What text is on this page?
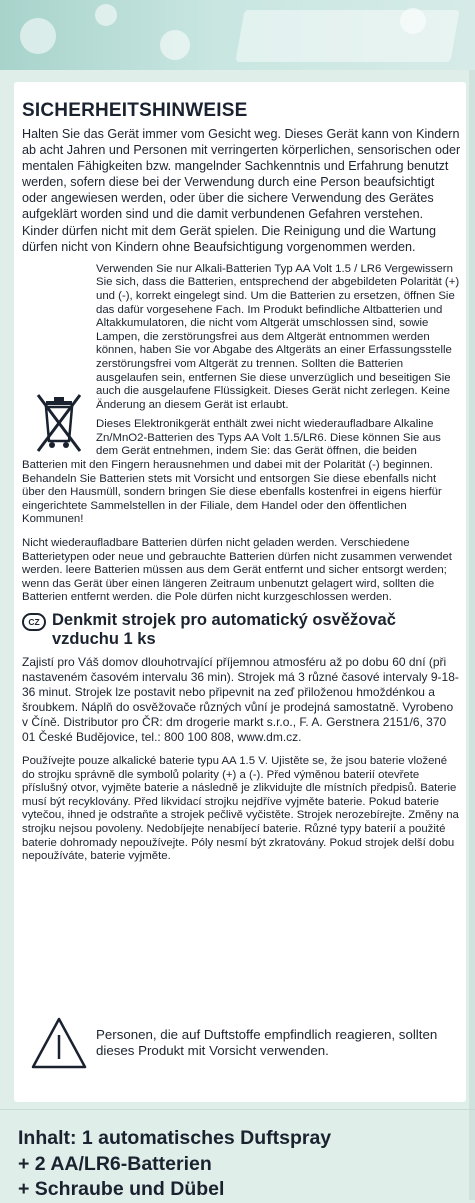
SICHERHEITSHINWEISE

Halten Sie das Gerät immer vom Gesicht weg. Dieses Gerät kann von Kindern ab acht Jahren und Personen mit verringerten körperlichen, sensorischen oder mentalen Fähigkeiten bzw. mangelnder Sachkenntnis und Erfahrung benutzt werden, sofern diese bei der Verwendung durch eine Person beaufsichtigt oder angewiesen werden, oder über die sichere Verwendung des Gerätes aufgeklärt worden sind und die damit verbundenen Gefahren verstehen. Kinder dürfen nicht mit dem Gerät spielen. Die Reinigung und die Wartung dürfen nicht von Kindern ohne Beaufsichtigung vorgenommen werden.

Verwenden Sie nur Alkali-Batterien Typ AA Volt 1.5 / LR6 Vergewissern Sie sich, dass die Batterien, entsprechend der abgebildeten Polarität (+) und (-), korrekt eingelegt sind. Um die Batterien zu ersetzen, öffnen Sie das dafür vorgesehene Fach. Im Produkt befindliche Altbatterien und Altakkumulatoren, die nicht vom Altgerät umschlossen sind, sowie Lampen, die zerstörungsfrei aus dem Altgerät entnommen werden können, haben Sie vor Abgabe des Altgeräts an einer Erfassungsstelle zerstörungsfrei vom Altgerät zu trennen. Sollten die Batterien ausgelaufen sein, entfernen Sie diese unverzüglich und beseitigen Sie auch die ausgelaufene Flüssigkeit. Dieses Gerät nicht zerlegen. Keine Änderung an diesem Gerät ist erlaubt.

Dieses Elektronikgerät enthält zwei nicht wiederaufladbare Alkaline Zn/MnO2-Batterien des Typs AA Volt 1.5/LR6. Diese können Sie aus dem Gerät entnehmen, indem Sie: das Gerät öffnen, die beiden Batterien mit den Fingern herausnehmen und dabei mit der Polarität (-) beginnen.

Behandeln Sie Batterien stets mit Vorsicht und entsorgen Sie diese ebenfalls nicht über den Hausmüll, sondern bringen Sie diese ebenfalls kostenfrei in eigens hierfür eingerichtete Sammelstellen in der Filiale, dem Handel oder den öffentlichen Kommunen!

Nicht wiederaufladbare Batterien dürfen nicht geladen werden. Verschiedene Batterietypen oder neue und gebrauchte Batterien dürfen nicht zusammen verwendet werden. leere Batterien müssen aus dem Gerät entfernt und sicher entsorgt werden; wenn das Gerät über einen längeren Zeitraum unbenutzt gelagert wird, sollten die Batterien entfernt werden. die Pole dürfen nicht kurzgeschlossen werden.

CZ Denkmit strojek pro automatický osvěžovač vzduchu 1 ks

Zajistí pro Váš domov dlouhotrvající příjemnou atmosféru až po dobu 60 dní (při nastaveném časovém intervalu 36 min). Strojek má 3 různé časové intervaly 9-18-36 minut. Strojek lze postavit nebo připevnit na zeď přiloženou hmoždénkou a šroubkem. Náplň do osvěžovače různých vůní je prodejná samostatně. Vyrobeno v Číně. Distributor pro ČR: dm drogerie markt s.r.o., F. A. Gerstnera 2151/6, 370 01 České Budějovice, tel.: 800 100 808, www.dm.cz.

Používejte pouze alkalické baterie typu AA 1.5 V. Ujistěte se, že jsou baterie vložené do strojku správně dle symbolů polarity (+) a (-). Před výměnou baterií otevřete příslušný otvor, vyjměte baterie a následně je zlikvidujte dle místních předpisů. Baterie musí být recyklovány. Před likvidací strojku nejdříve vyjměte baterie. Pokud baterie vytečou, ihned je odstraňte a strojek pečlivě vyčistěte. Strojek nerozebírejte. Změny na strojku nejsou povoleny. Nedobíjejte nenabíjecí baterie. Různé typy baterií a použité baterie dohromady nepoužívejte. Póly nesmí být zkratovány. Pokud strojek delší dobu nepoužíváte, baterie vyjměte.

Personen, die auf Duftstoffe empfindlich reagieren, sollten dieses Produkt mit Vorsicht verwenden.

Inhalt: 1 automatisches Duftspray
+ 2 AA/LR6-Batterien
+ Schraube und Dübel
